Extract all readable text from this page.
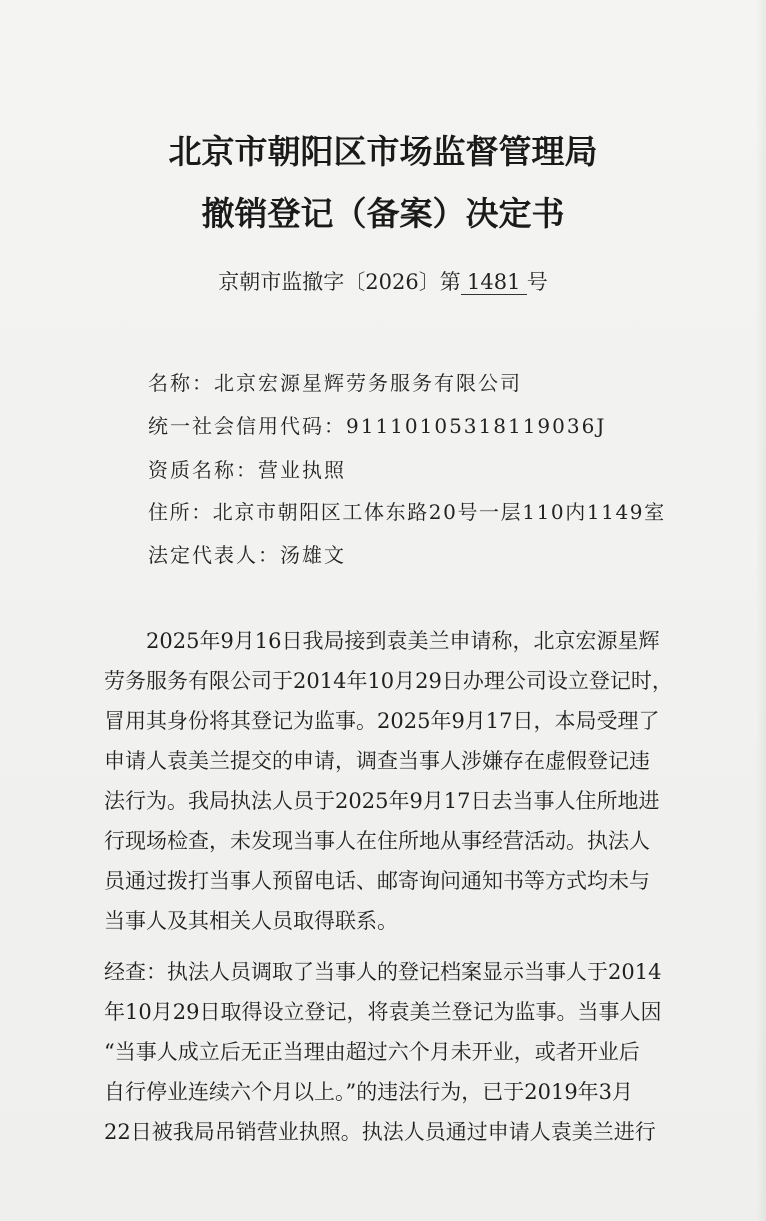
北京市朝阳区市场监督管理局
撤销登记（备案）决定书
京朝市监撤字〔2026〕第 1481 号
名称：北京宏源星辉劳务服务有限公司
统一社会信用代码：91110105318119036J
资质名称：营业执照
住所：北京市朝阳区工体东路20号一层110内1149室
法定代表人：汤雄文
2025年9月16日我局接到袁美兰申请称，北京宏源星辉
劳务服务有限公司于2014年10月29日办理公司设立登记时，
冒用其身份将其登记为监事。2025年9月17日，本局受理了
申请人袁美兰提交的申请，调查当事人涉嫌存在虚假登记违
法行为。我局执法人员于2025年9月17日去当事人住所地进
行现场检查，未发现当事人在住所地从事经营活动。执法人
员通过拨打当事人预留电话、邮寄询问通知书等方式均未与
当事人及其相关人员取得联系。
经查：执法人员调取了当事人的登记档案显示当事人于2014
年10月29日取得设立登记，将袁美兰登记为监事。当事人因
“当事人成立后无正当理由超过六个月未开业，或者开业后
自行停业连续六个月以上。”的违法行为，已于2019年3月
22日被我局吊销营业执照。执法人员通过申请人袁美兰进行
